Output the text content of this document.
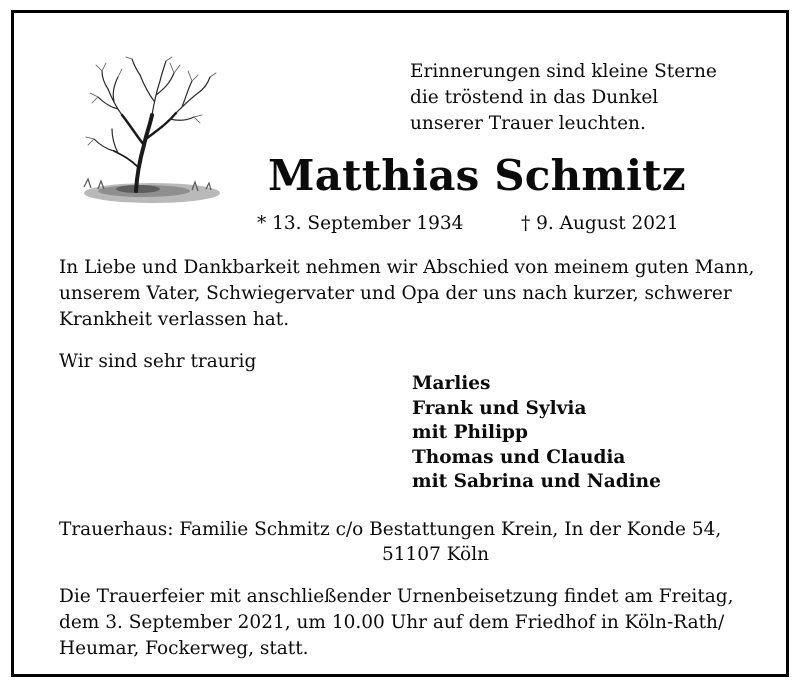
Erinnerungen sind kleine Sterne
die tröstend in das Dunkel
unserer Trauer leuchten.
Matthias Schmitz
* 13. September 1934	† 9. August 2021
In Liebe und Dankbarkeit nehmen wir Abschied von meinem guten Mann,
unserem Vater, Schwiegervater und Opa der uns nach kurzer, schwerer
Krankheit verlassen hat.
Wir sind sehr traurig
Marlies
Frank und Sylvia
mit Philipp
Thomas und Claudia
mit Sabrina und Nadine
Trauerhaus: Familie Schmitz c/o Bestattungen Krein, In der Konde 54,
51107 Köln
Die Trauerfeier mit anschließender Urnenbeisetzung findet am Freitag,
dem 3. September 2021, um 10.00 Uhr auf dem Friedhof in Köln-Rath/
Heumar, Fockerweg, statt.
